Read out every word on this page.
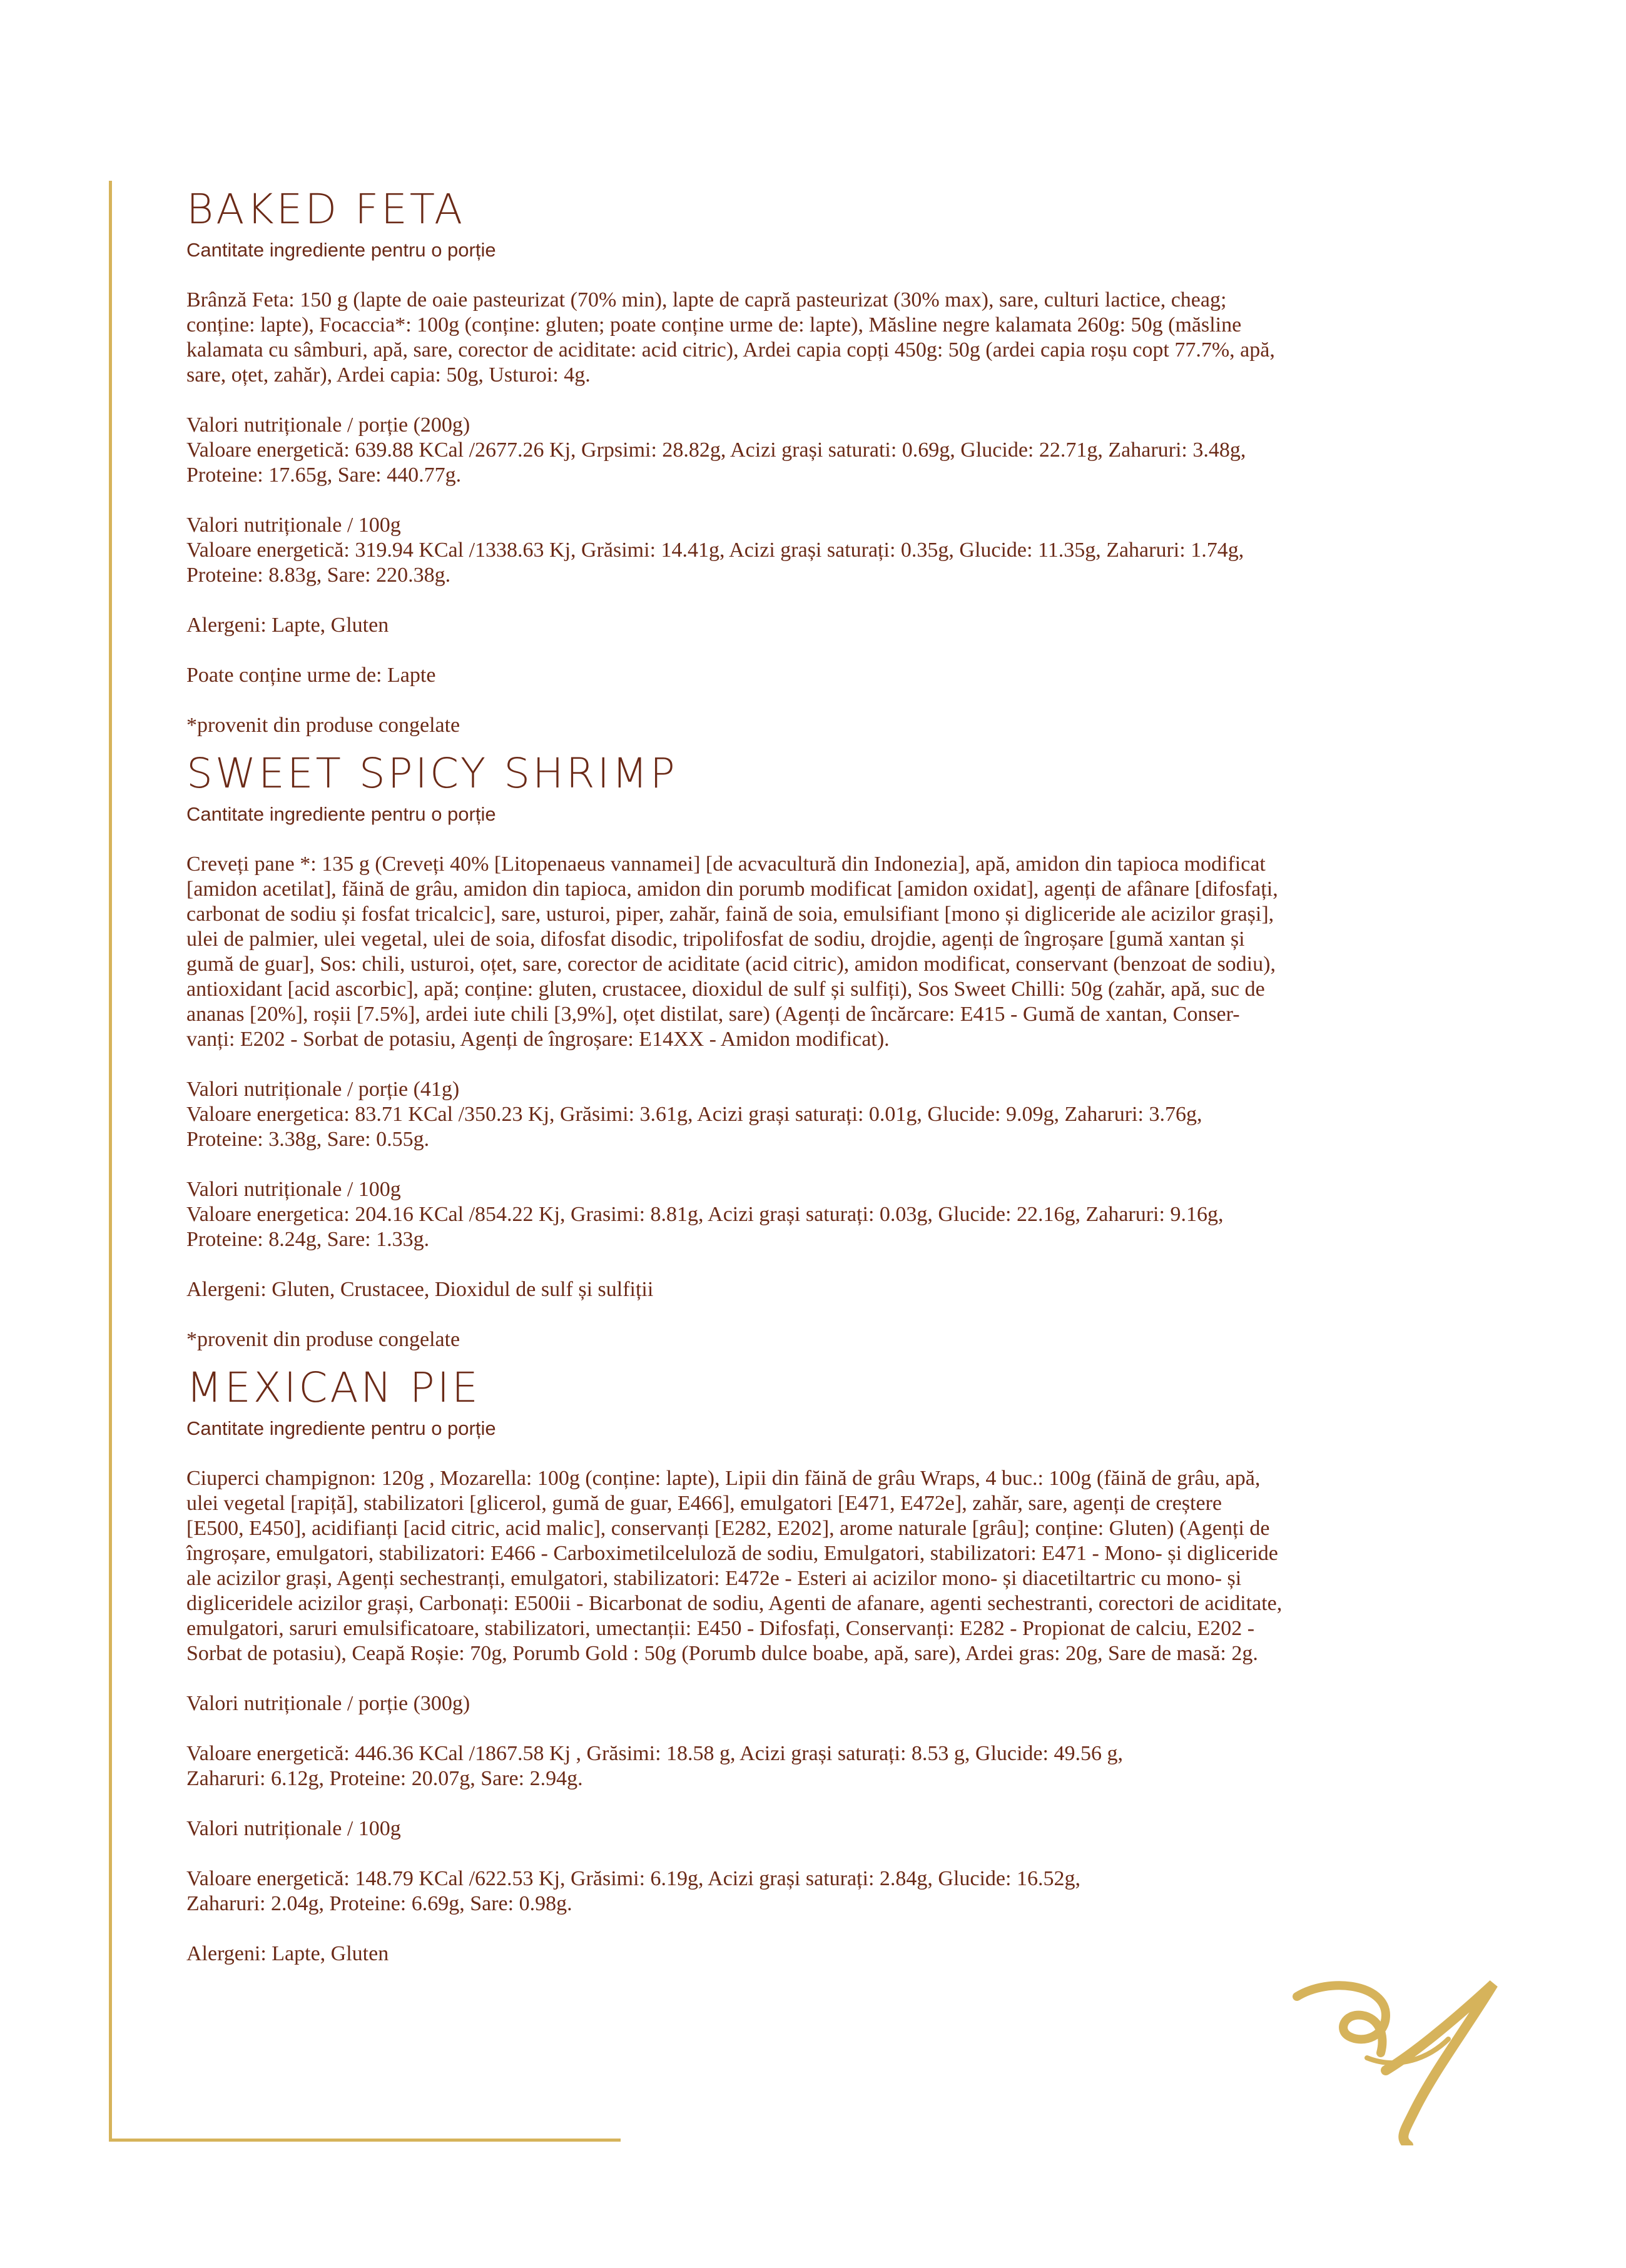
BAKED FETA

Cantitate ingrediente pentru o porție

Brânză Feta: 150 g (lapte de oaie pasteurizat (70% min), lapte de capră pasteurizat (30% max), sare, culturi lactice, cheag;
conține: lapte), Focaccia*: 100g (conține: gluten; poate conține urme de: lapte), Măsline negre kalamata 260g: 50g (măsline
kalamata cu sâmburi, apă, sare, corector de aciditate: acid citric), Ardei capia copți 450g: 50g (ardei capia roșu copt 77.7%, apă,
sare, oțet, zahăr), Ardei capia: 50g, Usturoi: 4g.

Valori nutriționale / porție (200g)
Valoare energetică: 639.88 KCal /2677.26 Kj, Grpsimi: 28.82g, Acizi grași saturati: 0.69g, Glucide: 22.71g, Zaharuri: 3.48g,
Proteine: 17.65g, Sare: 440.77g.

Valori nutriționale / 100g
Valoare energetică: 319.94 KCal /1338.63 Kj, Grăsimi: 14.41g, Acizi grași saturați: 0.35g, Glucide: 11.35g, Zaharuri: 1.74g,
Proteine: 8.83g, Sare: 220.38g.

Alergeni: Lapte, Gluten

Poate conține urme de: Lapte

*provenit din produse congelate

SWEET SPICY SHRIMP

Cantitate ingrediente pentru o porție

Creveți pane *: 135 g (Creveți 40% [Litopenaeus vannamei] [de acvacultură din Indonezia], apă, amidon din tapioca modificat
[amidon acetilat], făină de grâu, amidon din tapioca, amidon din porumb modificat [amidon oxidat], agenți de afânare [difosfați,
carbonat de sodiu și fosfat tricalcic], sare, usturoi, piper, zahăr, faină de soia, emulsifiant [mono și digliceride ale acizilor grași],
ulei de palmier, ulei vegetal, ulei de soia, difosfat disodic, tripolifosfat de sodiu, drojdie, agenți de îngroșare [gumă xantan și
gumă de guar], Sos: chili, usturoi, oțet, sare, corector de aciditate (acid citric), amidon modificat, conservant (benzoat de sodiu),
antioxidant [acid ascorbic], apă; conține: gluten, crustacee, dioxidul de sulf și sulfiți), Sos Sweet Chilli: 50g (zahăr, apă, suc de
ananas [20%], roșii [7.5%], ardei iute chili [3,9%], oțet distilat, sare) (Agenți de încărcare: E415 - Gumă de xantan, Conser-
vanți: E202 - Sorbat de potasiu, Agenți de îngroșare: E14XX - Amidon modificat).

Valori nutriționale / porție (41g)
Valoare energetica: 83.71 KCal /350.23 Kj, Grăsimi: 3.61g, Acizi grași saturați: 0.01g, Glucide: 9.09g, Zaharuri: 3.76g,
Proteine: 3.38g, Sare: 0.55g.

Valori nutriționale / 100g
Valoare energetica: 204.16 KCal /854.22 Kj, Grasimi: 8.81g, Acizi grași saturați: 0.03g, Glucide: 22.16g, Zaharuri: 9.16g,
Proteine: 8.24g, Sare: 1.33g.

Alergeni: Gluten, Crustacee, Dioxidul de sulf și sulfiții

*provenit din produse congelate

MEXICAN PIE

Cantitate ingrediente pentru o porție

Ciuperci champignon: 120g , Mozarella: 100g (conține: lapte), Lipii din făină de grâu Wraps, 4 buc.: 100g (făină de grâu, apă,
ulei vegetal [rapiță], stabilizatori [glicerol, gumă de guar, E466], emulgatori [E471, E472e], zahăr, sare, agenți de creștere
[E500, E450], acidifianți [acid citric, acid malic], conservanți [E282, E202], arome naturale [grâu]; conține: Gluten) (Agenți de
îngroșare, emulgatori, stabilizatori: E466 - Carboximetilceluloză de sodiu, Emulgatori, stabilizatori: E471 - Mono- și digliceride
ale acizilor grași, Agenți sechestranți, emulgatori, stabilizatori: E472e - Esteri ai acizilor mono- și diacetiltartric cu mono- și
digliceridele acizilor grași, Carbonați: E500ii - Bicarbonat de sodiu, Agenti de afanare, agenti sechestranti, corectori de aciditate,
emulgatori, saruri emulsificatoare, stabilizatori, umectanții: E450 - Difosfați, Conservanți: E282 - Propionat de calciu, E202 -
Sorbat de potasiu), Ceapă Roșie: 70g, Porumb Gold : 50g (Porumb dulce boabe, apă, sare), Ardei gras: 20g, Sare de masă: 2g.

Valori nutriționale / porție (300g)

Valoare energetică: 446.36 KCal /1867.58 Kj , Grăsimi: 18.58 g, Acizi grași saturați: 8.53 g, Glucide: 49.56 g,
Zaharuri: 6.12g, Proteine: 20.07g, Sare: 2.94g.

Valori nutriționale / 100g

Valoare energetică: 148.79 KCal /622.53 Kj, Grăsimi: 6.19g, Acizi grași saturați: 2.84g, Glucide: 16.52g,
Zaharuri: 2.04g, Proteine: 6.69g, Sare: 0.98g.

Alergeni: Lapte, Gluten
